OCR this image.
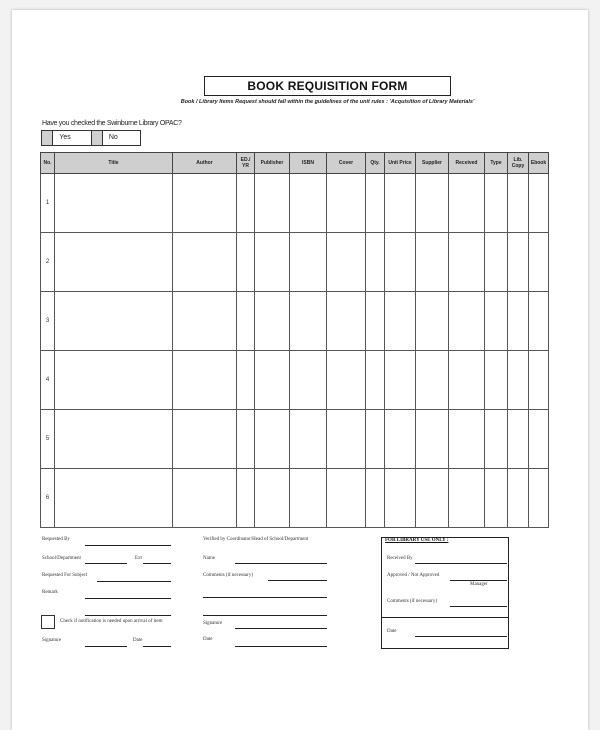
BOOK REQUISITION FORM
Book / Library Items Request should fall within the guidelines of the unit rules : 'Acquisition of Library Materials'
Have you checked the Swinburne Library OPAC?
Yes	No
No.	Title	Author	ED./ YR	Publisher	ISBN	Cover	Qty.	Unit Price	Supplier	Received	Type	Lib. Copy	Ebook
1													
2													
3													
4													
5													
6													
Requested By
School/Department	Ext
Requested For Subject
Remark
Check if notification is needed upon arrival of item
Signature	Date
Verified by Coordinator/Head of School/Department
Name
Comments (if necessary)
Signature
Date
FOR LIBRARY USE ONLY :
Received By
Approved / Not Approved
Manager
Comments (if necessary)
Date
